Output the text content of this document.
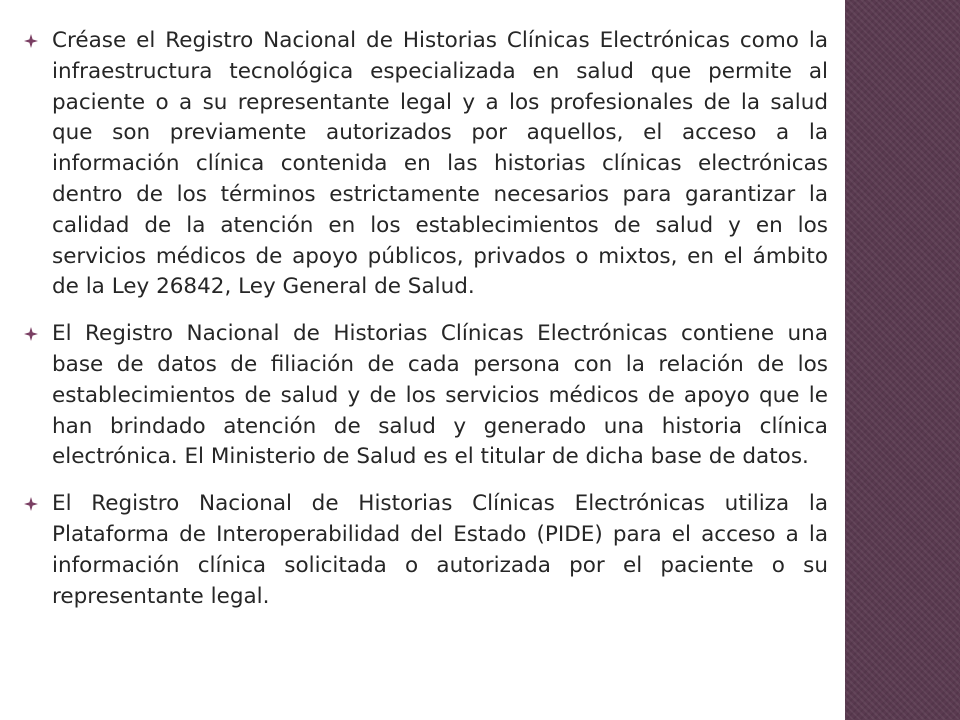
Créase el Registro Nacional de Historias Clínicas Electrónicas como la infraestructura tecnológica especializada en salud que permite al paciente o a su representante legal y a los profesionales de la salud que son previamente autorizados por aquellos, el acceso a la información clínica contenida en las historias clínicas electrónicas dentro de los términos estrictamente necesarios para garantizar la calidad de la atención en los establecimientos de salud y en los servicios médicos de apoyo públicos, privados o mixtos, en el ámbito de la Ley 26842, Ley General de Salud.
El Registro Nacional de Historias Clínicas Electrónicas contiene una base de datos de filiación de cada persona con la relación de los establecimientos de salud y de los servicios médicos de apoyo que le han brindado atención de salud y generado una historia clínica electrónica. El Ministerio de Salud es el titular de dicha base de datos.
El Registro Nacional de Historias Clínicas Electrónicas utiliza la Plataforma de Interoperabilidad del Estado (PIDE) para el acceso a la información clínica solicitada o autorizada por el paciente o su representante legal.
